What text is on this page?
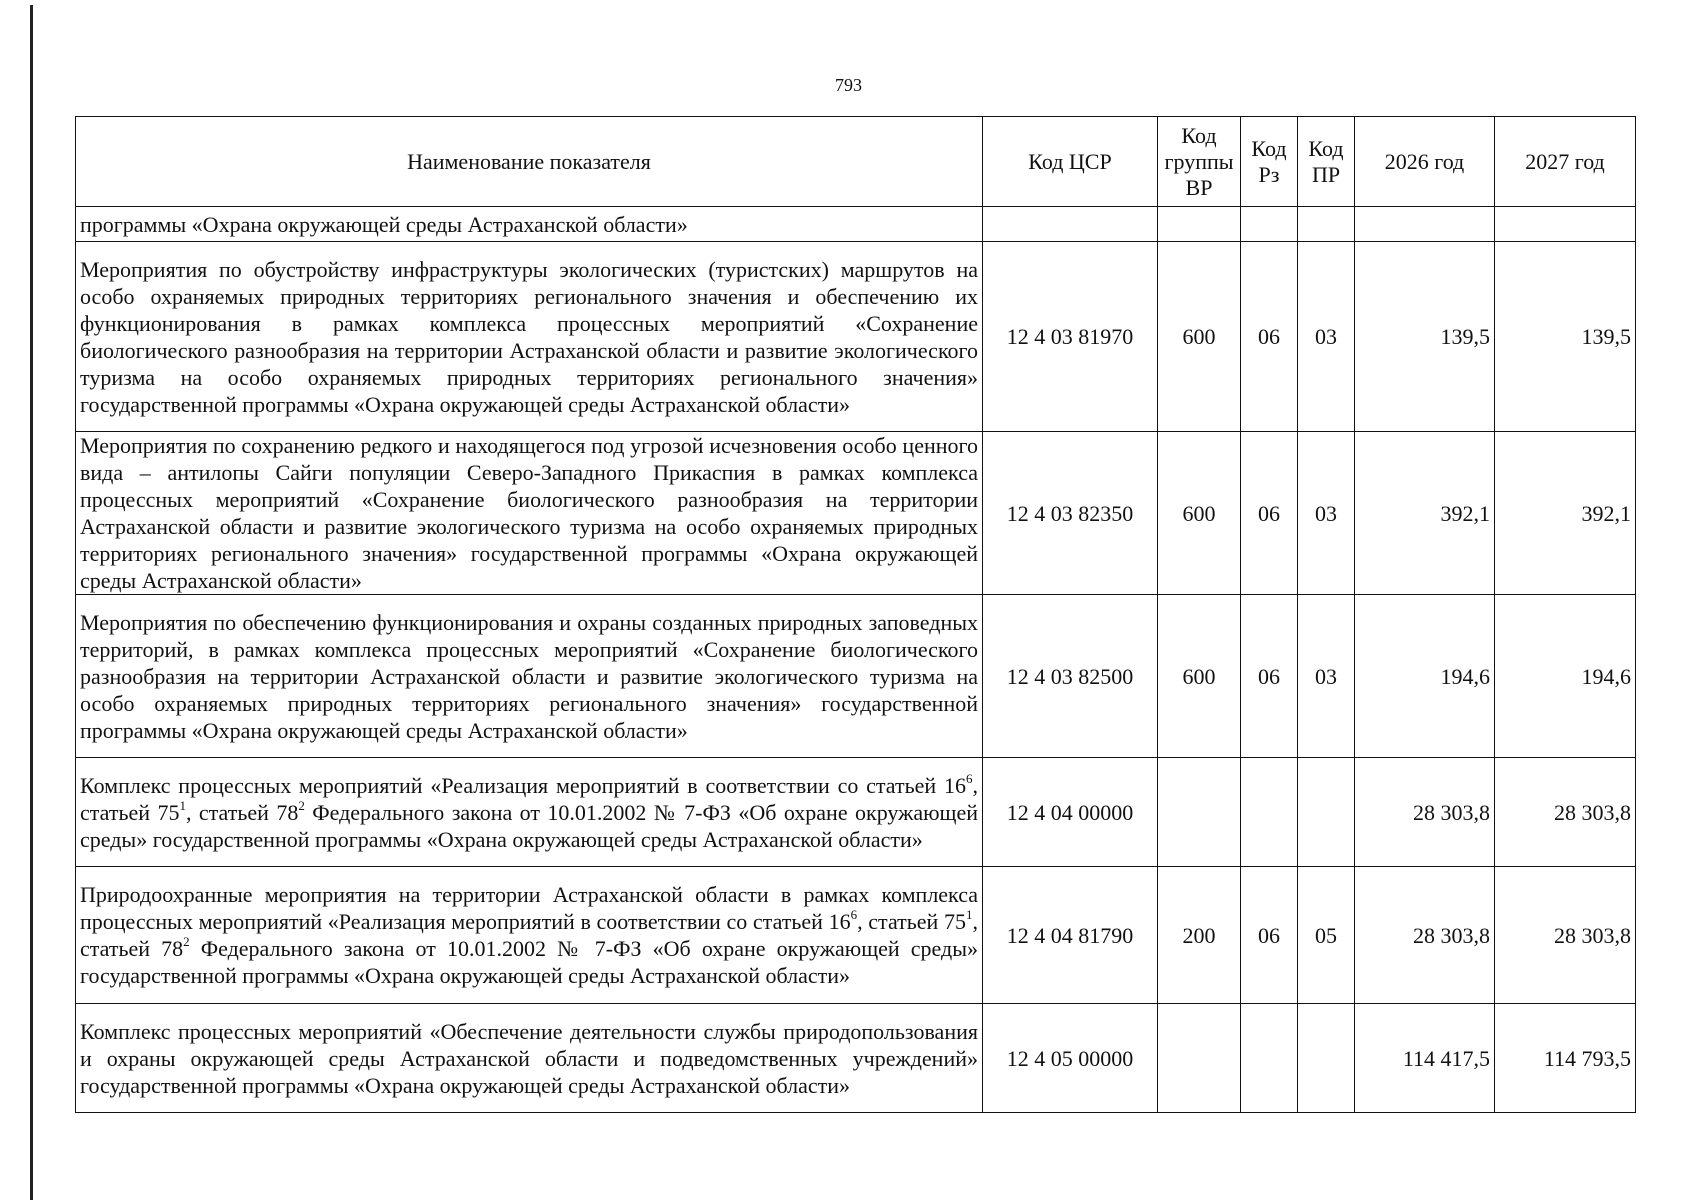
793
Наименование показателя	Код ЦСР	Код группы ВР	Код Рз	Код ПР	2026 год	2027 год
программы «Охрана окружающей среды Астраханской области»						
Мероприятия по обустройству инфраструктуры экологических (туристских) маршрутов на особо охраняемых природных территориях регионального значения и обеспечению их функционирования в рамках комплекса процессных мероприятий «Сохранение биологического разнообразия на территории Астраханской области и развитие экологического туризма на особо охраняемых природных территориях регионального значения» государственной программы «Охрана окружающей среды Астраханской области»	12 4 03 81970	600	06	03	139,5	139,5
Мероприятия по сохранению редкого и находящегося под угрозой исчезновения особо ценного вида – антилопы Сайги популяции Северо-Западного Прикаспия в рамках комплекса процессных мероприятий «Сохранение биологического разнообразия на территории Астраханской области и развитие экологического туризма на особо охраняемых природных территориях регионального значения» государственной программы «Охрана окружающей среды Астраханской области»	12 4 03 82350	600	06	03	392,1	392,1
Мероприятия по обеспечению функционирования и охраны созданных природных заповедных территорий, в рамках комплекса процессных мероприятий «Сохранение биологического разнообразия на территории Астраханской области и развитие экологического туризма на особо охраняемых природных территориях регионального значения» государственной программы «Охрана окружающей среды Астраханской области»	12 4 03 82500	600	06	03	194,6	194,6
Комплекс процессных мероприятий «Реализация мероприятий в соответствии со статьей $16^6$, статьей $75^1$, статьей $78^2$ Федерального закона от 10.01.2002 № 7-ФЗ «Об охране окружающей среды» государственной программы «Охрана окружающей среды Астраханской области»	12 4 04 00000				28 303,8	28 303,8
Природоохранные мероприятия на территории Астраханской области в рамках комплекса процессных мероприятий «Реализация мероприятий в соответствии со статьей $16^6$, статьей $75^1$, статьей $78^2$ Федерального закона от 10.01.2002 № 7-ФЗ «Об охране окружающей среды» государственной программы «Охрана окружающей среды Астраханской области»	12 4 04 81790	200	06	05	28 303,8	28 303,8
Комплекс процессных мероприятий «Обеспечение деятельности службы природопользования и охраны окружающей среды Астраханской области и подведомственных учреждений» государственной программы «Охрана окружающей среды Астраханской области»	12 4 05 00000				114 417,5	114 793,5
